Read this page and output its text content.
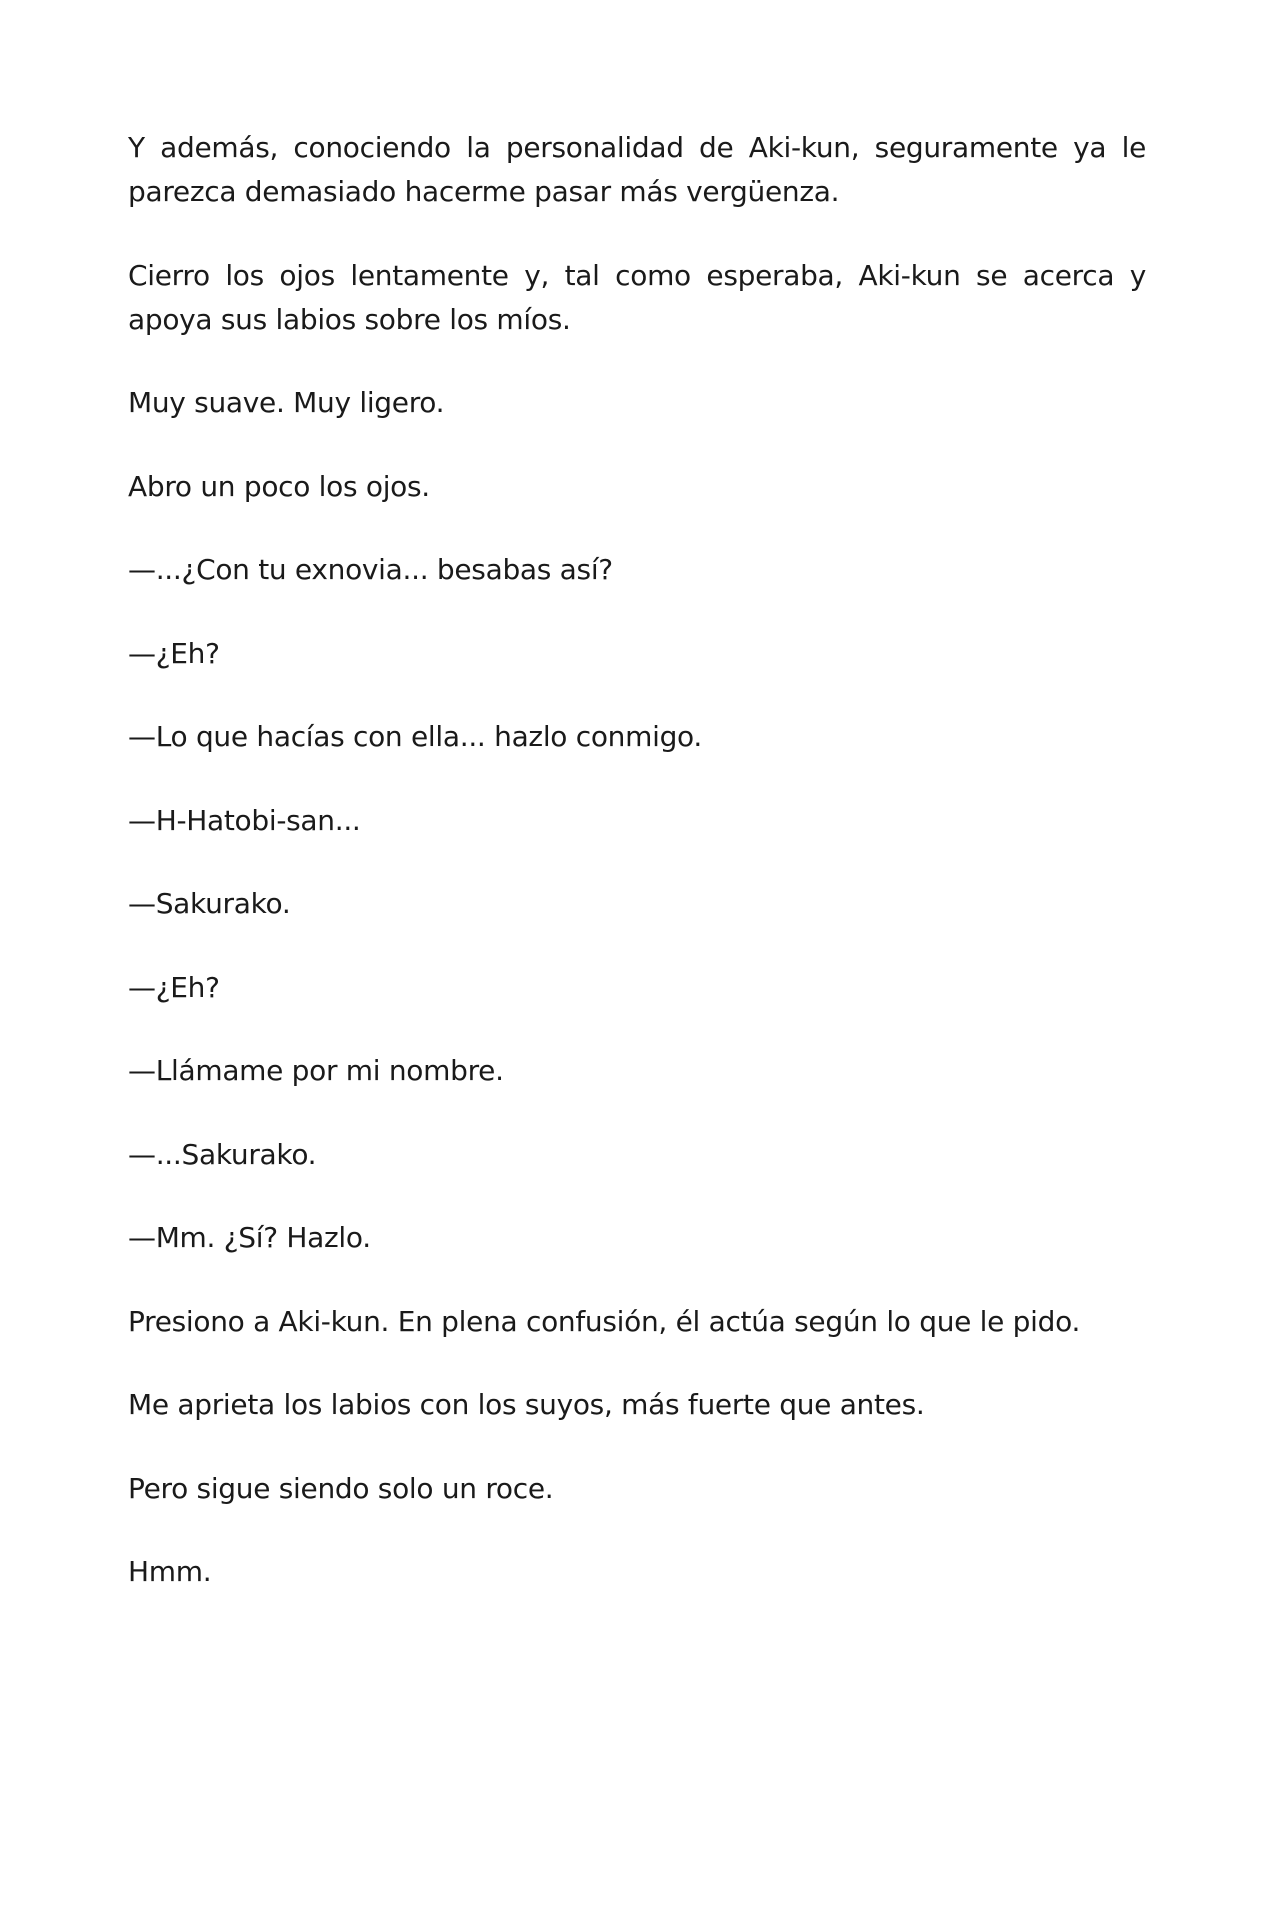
Y además, conociendo la personalidad de Aki-kun, seguramente ya le parezca demasiado hacerme pasar más vergüenza.

Cierro los ojos lentamente y, tal como esperaba, Aki-kun se acerca y apoya sus labios sobre los míos.

Muy suave. Muy ligero.

Abro un poco los ojos.

—...¿Con tu exnovia... besabas así?

—¿Eh?

—Lo que hacías con ella... hazlo conmigo.

—H-Hatobi-san...

—Sakurako.

—¿Eh?

—Llámame por mi nombre.

—...Sakurako.

—Mm. ¿Sí? Hazlo.

Presiono a Aki-kun. En plena confusión, él actúa según lo que le pido.

Me aprieta los labios con los suyos, más fuerte que antes.

Pero sigue siendo solo un roce.

Hmm.
